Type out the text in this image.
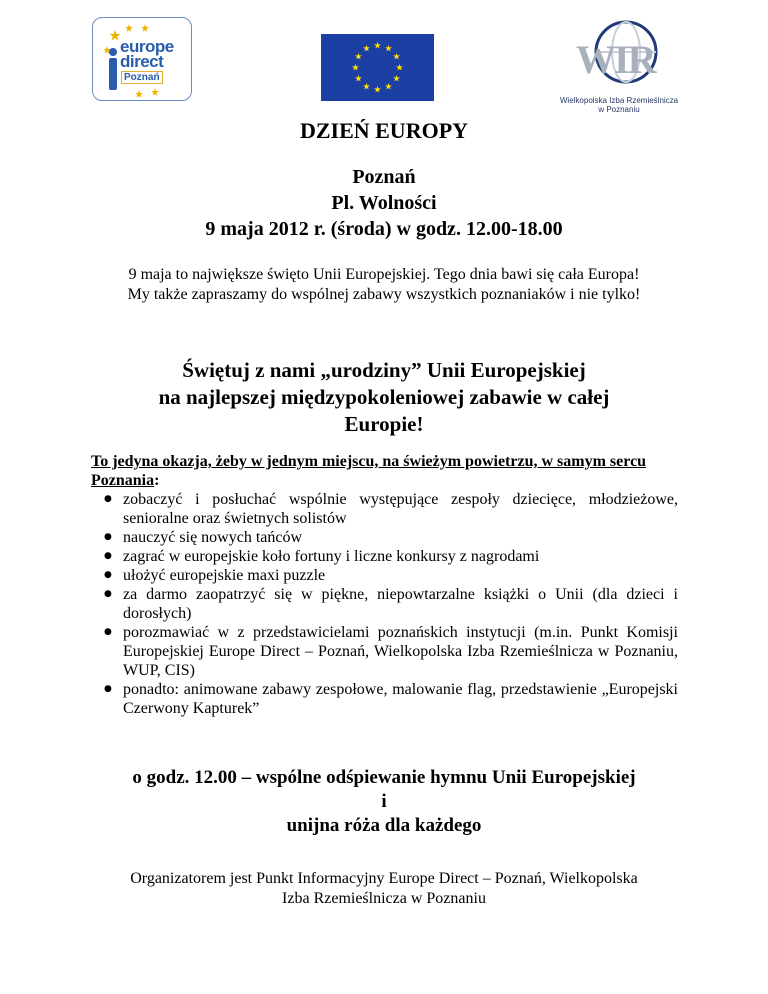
europe
direct
Poznań	WIR
Wielkopolska Izba Rzemieślnicza
w Poznaniu
DZIEŃ EUROPY
Poznań
Pl. Wolności
9 maja 2012 r. (środa) w godz. 12.00-18.00
9 maja to największe święto Unii Europejskiej. Tego dnia bawi się cała Europa!
My także zapraszamy do wspólnej zabawy wszystkich poznaniaków i nie tylko!
Świętuj z nami „urodziny” Unii Europejskiej
na najlepszej międzypokoleniowej zabawie w całej
Europie!
To jedyna okazja, żeby w jednym miejscu, na świeżym powietrzu, w samym sercu Poznania:
● zobaczyć i posłuchać wspólnie występujące zespoły dziecięce, młodzieżowe, senioralne oraz świetnych solistów
● nauczyć się nowych tańców
● zagrać w europejskie koło fortuny i liczne konkursy z nagrodami
● ułożyć europejskie maxi puzzle
● za darmo zaopatrzyć się w piękne, niepowtarzalne książki o Unii (dla dzieci i dorosłych)
● porozmawiać w z przedstawicielami poznańskich instytucji (m.in. Punkt Komisji Europejskiej Europe Direct – Poznań, Wielkopolska Izba Rzemieślnicza w Poznaniu, WUP, CIS)
● ponadto: animowane zabawy zespołowe, malowanie flag, przedstawienie „Europejski Czerwony Kapturek”
o godz. 12.00 – wspólne odśpiewanie hymnu Unii Europejskiej
i
unijna róża dla każdego
Organizatorem jest Punkt Informacyjny Europe Direct – Poznań, Wielkopolska
Izba Rzemieślnicza w Poznaniu
